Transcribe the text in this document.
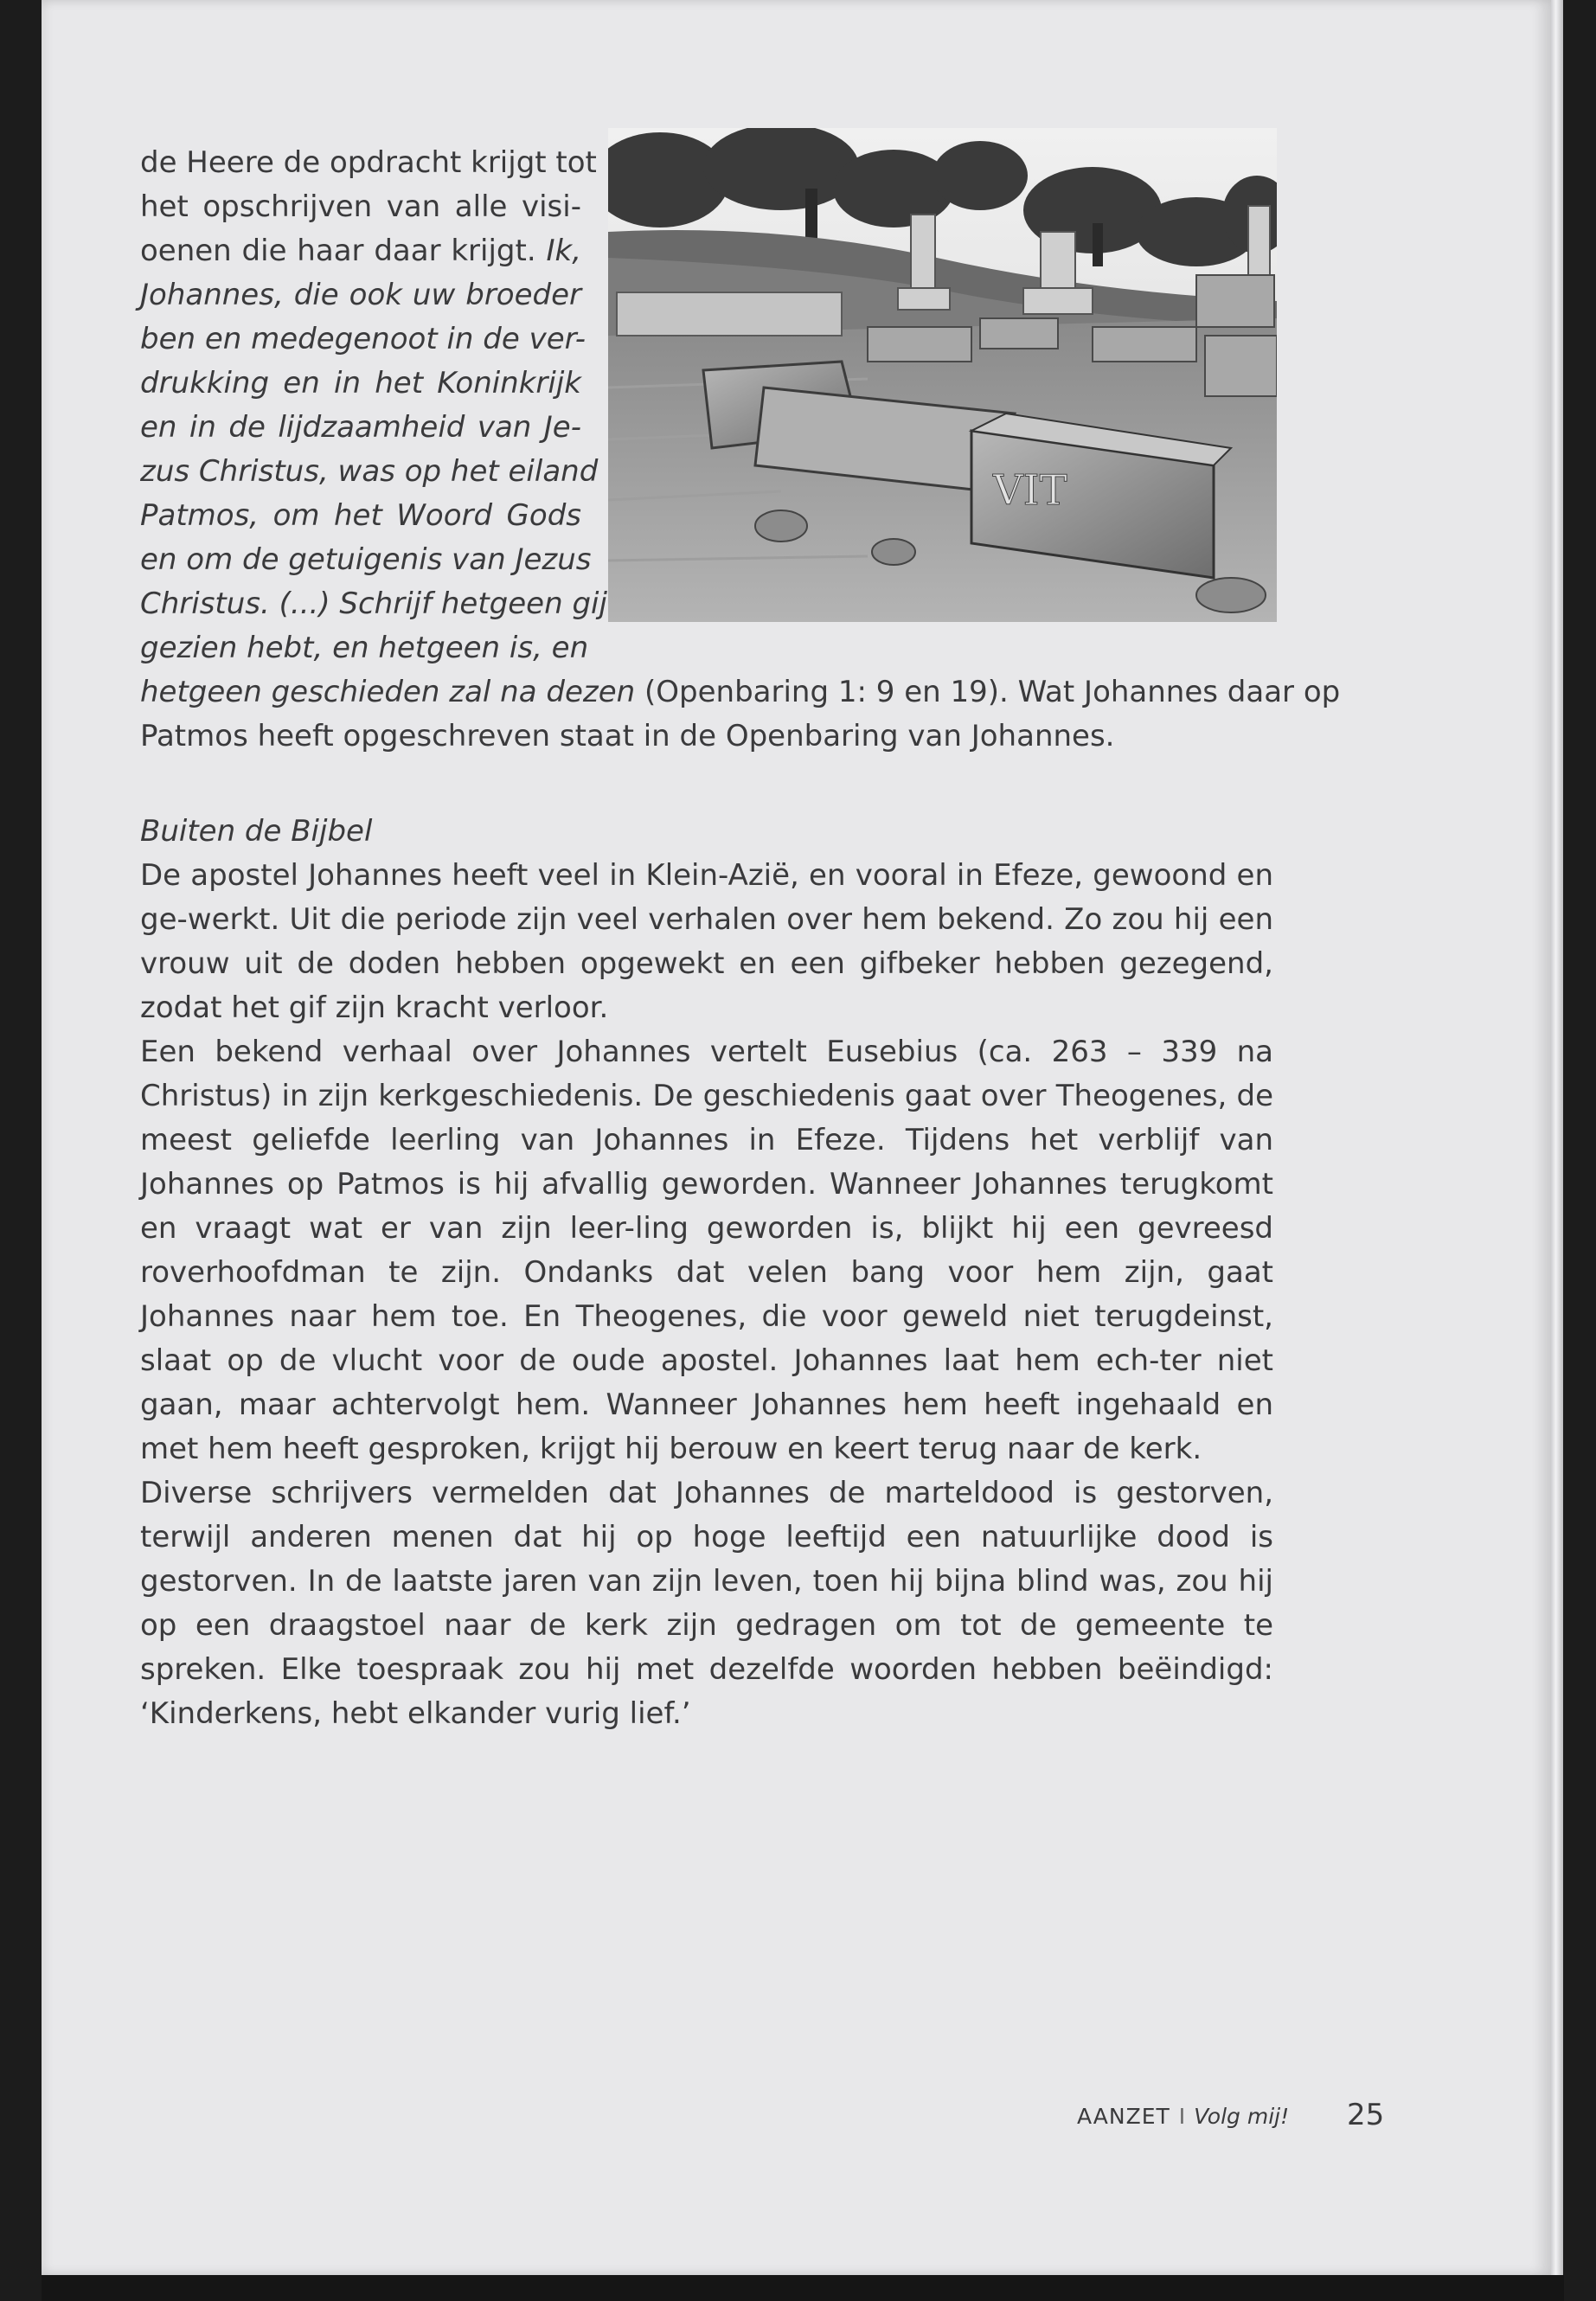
VIT
de Heere de opdracht krijgt tot
het opschrijven van alle visi-
oenen die haar daar krijgt. Ik,
Johannes, die ook uw broeder
ben en medegenoot in de ver-
drukking en in het Koninkrijk
en in de lijdzaamheid van Je-
zus Christus, was op het eiland
Patmos, om het Woord Gods
en om de getuigenis van Jezus
Christus. (...) Schrijf hetgeen gij
gezien hebt, en hetgeen is, en
hetgeen geschieden zal na dezen (Openbaring 1: 9 en 19). Wat Johannes daar op
Patmos heeft opgeschreven staat in de Openbaring van Johannes.

Buiten de Bijbel

De apostel Johannes heeft veel in Klein-Azië, en vooral in Efeze, gewoond en ge-werkt. Uit die periode zijn veel verhalen over hem bekend. Zo zou hij een vrouw uit de doden hebben opgewekt en een gifbeker hebben gezegend, zodat het gif zijn kracht verloor.

Een bekend verhaal over Johannes vertelt Eusebius (ca. 263 – 339 na Christus) in zijn kerkgeschiedenis. De geschiedenis gaat over Theogenes, de meest geliefde leerling van Johannes in Efeze. Tijdens het verblijf van Johannes op Patmos is hij afvallig geworden. Wanneer Johannes terugkomt en vraagt wat er van zijn leer-ling geworden is, blijkt hij een gevreesd roverhoofdman te zijn. Ondanks dat velen bang voor hem zijn, gaat Johannes naar hem toe. En Theogenes, die voor geweld niet terugdeinst, slaat op de vlucht voor de oude apostel. Johannes laat hem ech-ter niet gaan, maar achtervolgt hem. Wanneer Johannes hem heeft ingehaald en met hem heeft gesproken, krijgt hij berouw en keert terug naar de kerk.

Diverse schrijvers vermelden dat Johannes de marteldood is gestorven, terwijl anderen menen dat hij op hoge leeftijd een natuurlijke dood is gestorven. In de laatste jaren van zijn leven, toen hij bijna blind was, zou hij op een draagstoel naar de kerk zijn gedragen om tot de gemeente te spreken. Elke toespraak zou hij met dezelfde woorden hebben beëindigd: ‘Kinderkens, hebt elkander vurig lief.’

AANZET I Volg mij! 25
